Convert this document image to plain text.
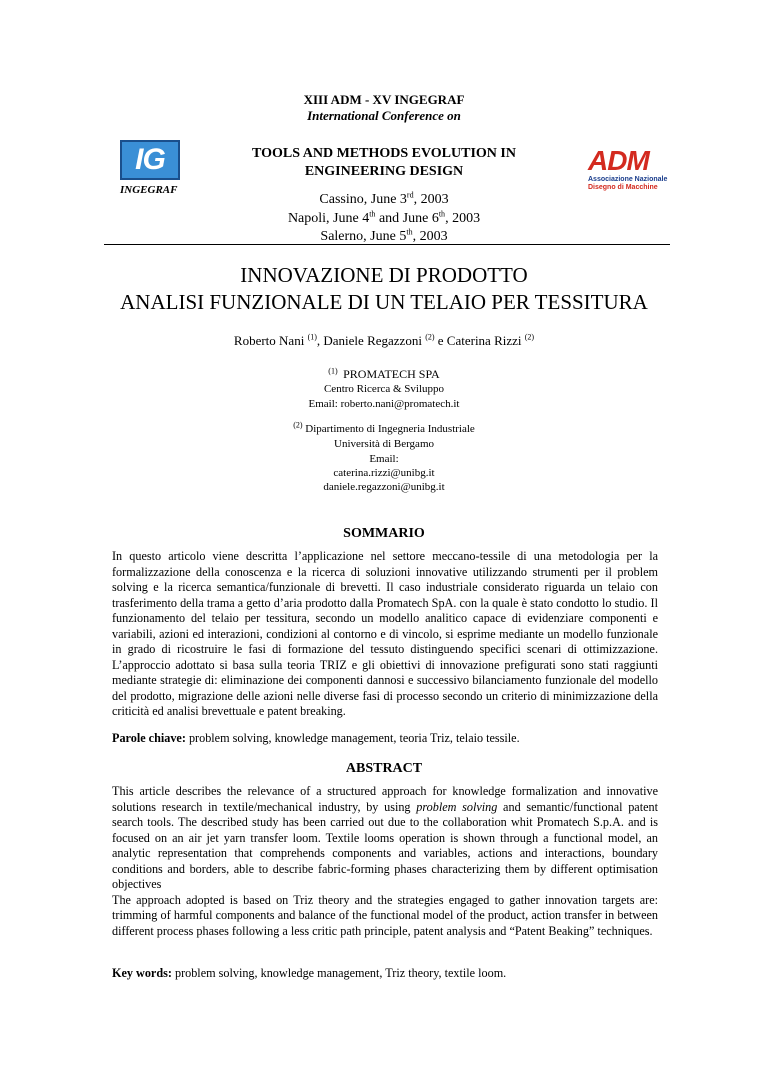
XIII ADM - XV INGEGRAF
International Conference on
TOOLS AND METHODS EVOLUTION IN
ENGINEERING DESIGN
Cassino, June 3rd, 2003
Napoli, June 4th and June 6th, 2003
Salerno, June 5th, 2003
IG
INGEGRAF
ADM
Associazione Nazionale
Disegno di Macchine
INNOVAZIONE DI PRODOTTO
ANALISI FUNZIONALE DI UN TELAIO PER TESSITURA
Roberto Nani $^{(1)}$, Daniele Regazzoni $^{(2)}$ e Caterina Rizzi $^{(2)}$
$^{(1)}$ PROMATECH SPA
Centro Ricerca & Sviluppo
Email: roberto.nani@promatech.it
$^{(2)}$ Dipartimento di Ingegneria Industriale
Università di Bergamo
Email:
caterina.rizzi@unibg.it
daniele.regazzoni@unibg.it
SOMMARIO

In questo articolo viene descritta l’applicazione nel settore meccano-tessile di una metodologia per la formalizzazione della conoscenza e la ricerca di soluzioni innovative utilizzando strumenti per il problem solving e la ricerca semantica/funzionale di brevetti. Il caso industriale considerato riguarda un telaio con trasferimento della trama a getto d’aria prodotto dalla Promatech SpA. con la quale è stato condotto lo studio. Il funzionamento del telaio per tessitura, secondo un modello analitico capace di evidenziare componenti e variabili, azioni ed interazioni, condizioni al contorno e di vincolo, si esprime mediante un modello funzionale in grado di ricostruire le fasi di formazione del tessuto distinguendo specifici scenari di ottimizzazione. L’approccio adottato si basa sulla teoria TRIZ e gli obiettivi di innovazione prefigurati sono stati raggiunti mediante strategie di: eliminazione dei componenti dannosi e successivo bilanciamento funzionale del modello del prodotto, migrazione delle azioni nelle diverse fasi di processo secondo un criterio di minimizzazione della criticità ed analisi brevettuale e patent breaking.

Parole chiave: problem solving, knowledge management, teoria Triz, telaio tessile.

ABSTRACT

This article describes the relevance of a structured approach for knowledge formalization and innovative solutions research in textile/mechanical industry, by using problem solving and semantic/functional patent search tools. The described study has been carried out due to the collaboration whit Promatech S.p.A. and is focused on an air jet yarn transfer loom. Textile looms operation is shown through a functional model, an analytic representation that comprehends components and variables, actions and interactions, boundary conditions and borders, able to describe fabric-forming phases characterizing them by different optimisation objectives

The approach adopted is based on Triz theory and the strategies engaged to gather innovation targets are: trimming of harmful components and balance of the functional model of the product, action transfer in between different process phases following a less critic path principle, patent analysis and “Patent Beaking” techniques.

Key words: problem solving, knowledge management, Triz theory, textile loom.
